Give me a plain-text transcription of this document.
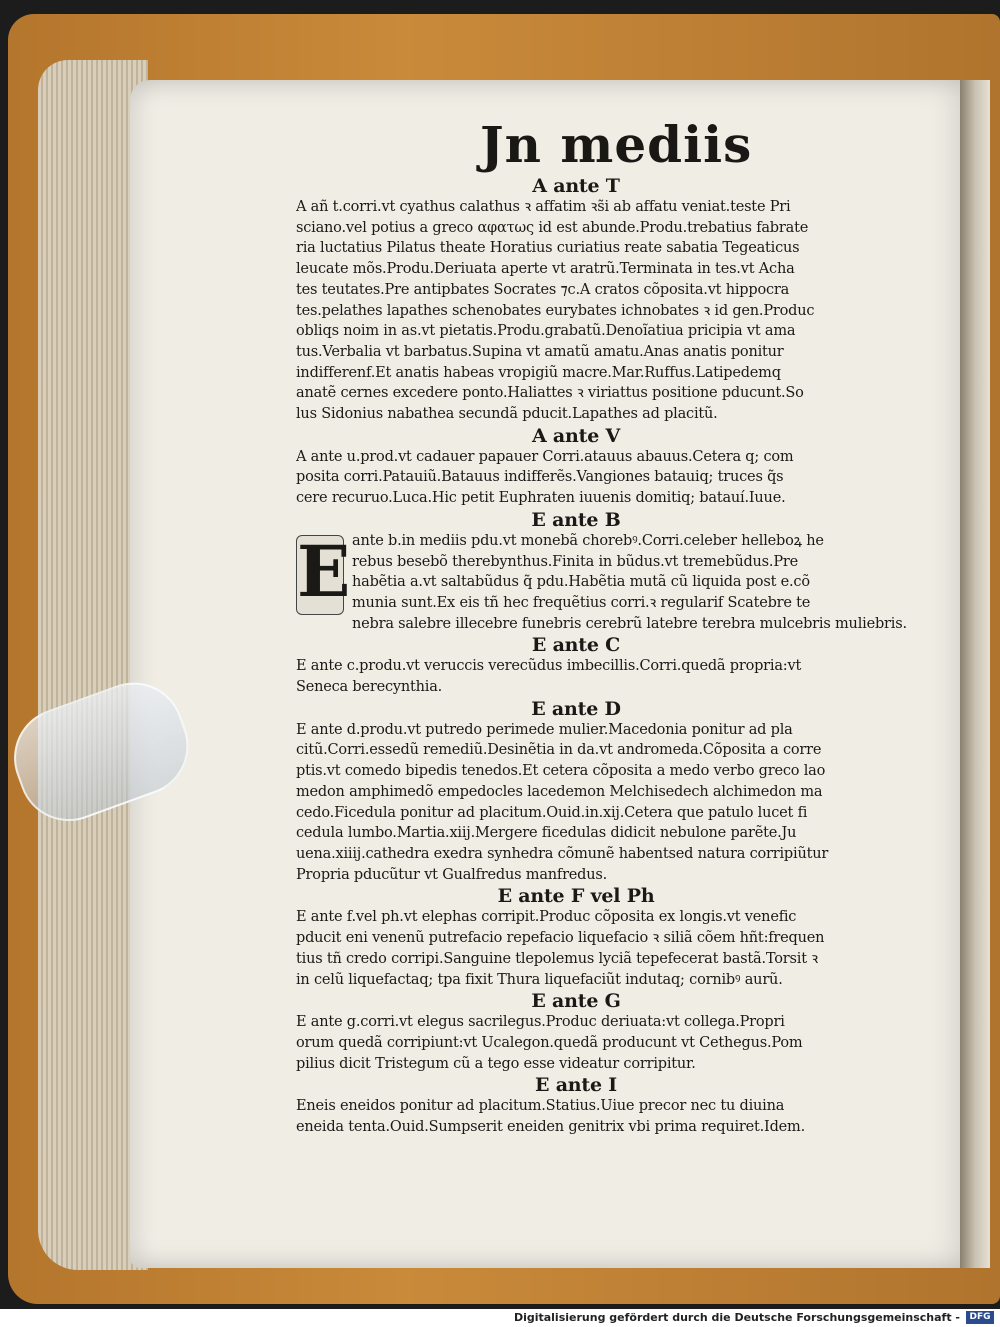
Jn mediis
A ante T
A añ t.corri.vt cyathus calathus ꝛ affatim ꝛs̃i ab affatu veniat.teste Pri
sciano.vel potius a greco αφατως id est abunde.Produ.trebatius fabrate
ria luctatius Pilatus theate Horatius curiatius reate sabatia Tegeaticus
leucate mõs.Produ.Deriuata aperte vt aratrũ.Terminata in tes.vt Acha
tes teutates.Pre antipbates Socrates ⁊c.A cratos cõposita.vt hippocra
tes.pelathes lapathes schenobates eurybates ichnobates ꝛ id gen.Produc
obliqs noim in as.vt pietatis.Produ.grabatũ.Denoĩatiua pricipia vt ama
tus.Verbalia vt barbatus.Supina vt amatũ amatu.Anas anatis ponitur
indifferenf.Et anatis habeas vropigiũ macre.Mar.Ruffus.Latipedemq
anatẽ cernes excedere ponto.Haliattes ꝛ viriattus positione pducunt.So
lus Sidonius nabathea secundã pducit.Lapathes ad placitũ.
A ante V
A ante u.prod.vt cadauer papauer Corri.atauus abauus.Cetera q; com
posita corri.Patauiũ.Batauus indifferẽs.Vangiones batauiq; truces q̃s
cere recuruo.Luca.Hic petit Euphraten iuuenis domitiq; batauí.Iuue.
E ante B
E ante b.in mediis pdu.vt monebã chorebꝰ.Corri.celeber helleboꝝ he
rebus besebõ therebynthus.Finita in bũdus.vt tremebũdus.Pre
habẽtia a.vt saltabũdus q̃ pdu.Habẽtia mutã cũ liquida post e.cõ
munia sunt.Ex eis tñ hec frequẽtius corri.ꝛ regularif Scatebre te
nebra salebre illecebre funebris cerebrũ latebre terebra mulcebris muliebris.
E ante C
E ante c.produ.vt veruccis verecũdus imbecillis.Corri.quedã propria:vt
Seneca berecynthia.
E ante D
E ante d.produ.vt putredo perimede mulier.Macedonia ponitur ad pla
citũ.Corri.essedũ remediũ.Desinẽtia in da.vt andromeda.Cõposita a corre
ptis.vt comedo bipedis tenedos.Et cetera cõposita a medo verbo greco lao
medon amphimedõ empedocles lacedemon Melchisedech alchimedon ma
cedo.Ficedula ponitur ad placitum.Ouid.in.xij.Cetera que patulo lucet fi
cedula lumbo.Martia.xiij.Mergere ficedulas didicit nebulone parẽte.Ju
uena.xiiij.cathedra exedra synhedra cõmunẽ habentsed natura corripiũtur
Propria pducũtur vt Gualfredus manfredus.
E ante F vel Ph
E ante f.vel ph.vt elephas corripit.Produc cõposita ex longis.vt venefic
pducit eni venenũ putrefacio repefacio liquefacio ꝛ siliã cõem hñt:frequen
tius tñ credo corripi.Sanguine tlepolemus lyciã tepefecerat bastã.Torsit ꝛ
in celũ liquefactaq; tpa fixit Thura liquefaciũt indutaq; cornibꝰ aurũ.
E ante G
E ante g.corri.vt elegus sacrilegus.Produc deriuata:vt collega.Propri
orum quedã corripiunt:vt Ucalegon.quedã producunt vt Cethegus.Pom
pilius dicit Tristegum cũ a tego esse videatur corripitur.
E ante I
Eneis eneidos ponitur ad placitum.Statius.Uiue precor nec tu diuina
eneida tenta.Ouid.Sumpserit eneiden genitrix vbi prima requiret.Idem.
Digitalisierung gefördert durch die Deutsche Forschungsgemeinschaft -	DFG
